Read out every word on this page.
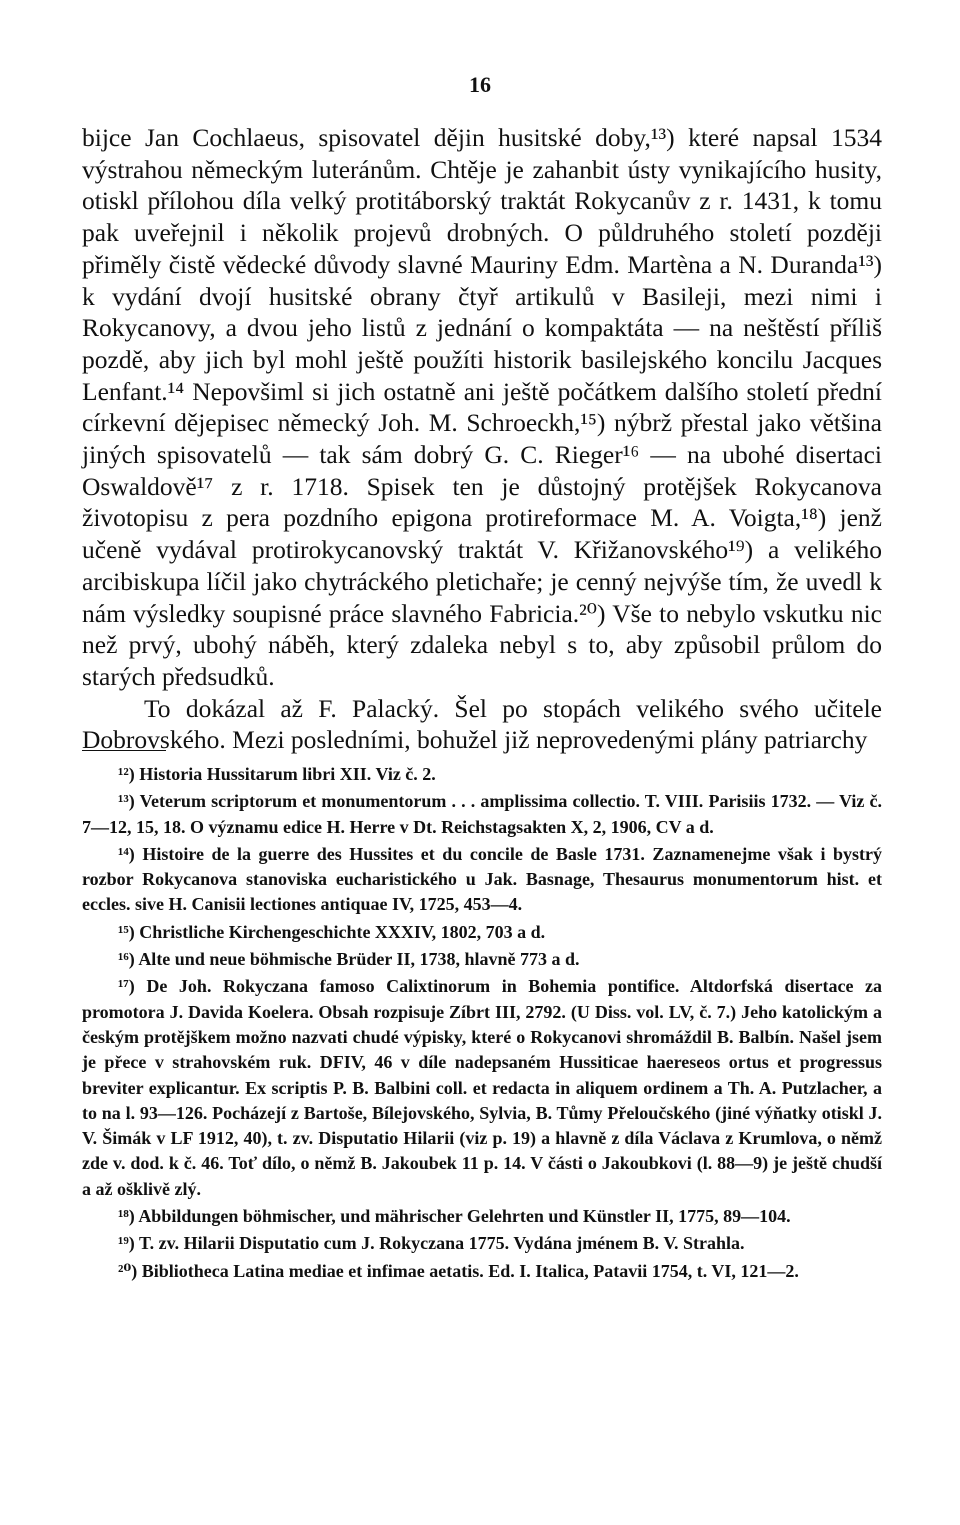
16

bijce Jan Cochlaeus, spisovatel dějin husitské doby,¹³) které napsal 1534 výstrahou německým luteránům. Chtěje je zahanbit ústy vynikajícího husity, otiskl přílohou díla velký protitáborský traktát Rokycanův z r. 1431, k tomu pak uveřejnil i několik projevů drobných. O půldruhého století později přiměly čistě vědecké důvody slavné Mauriny Edm. Martèna a N. Duranda¹³) k vydání dvojí husitské obrany čtyř artikulů v Basileji, mezi nimi i Rokycanovy, a dvou jeho listů z jednání o kompaktáta — na neštěstí příliš pozdě, aby jich byl mohl ještě použíti historik basilejského koncilu Jacques Lenfant.¹⁴ Nepovšiml si jich ostatně ani ještě počátkem dalšího století přední církevní dějepisec německý Joh. M. Schroeckh,¹⁵) nýbrž přestal jako většina jiných spisovatelů — tak sám dobrý G. C. Rieger¹⁶ — na ubohé disertaci Oswaldově¹⁷ z r. 1718. Spisek ten je důstojný protějšek Rokycanova životopisu z pera pozdního epigona protireformace M. A. Voigta,¹⁸) jenž učeně vydával protirokycanovský traktát V. Křižanovského¹⁹) a velikého arcibiskupa líčil jako chytráckého pletichaře; je cenný nejvýše tím, že uvedl k nám výsledky soupisné práce slavného Fabricia.²⁰) Vše to nebylo vskutku nic než prvý, ubohý náběh, který zdaleka nebyl s to, aby způsobil průlom do starých předsudků.

To dokázal až F. Palacký. Šel po stopách velikého svého učitele Dobrovského. Mezi posledními, bohužel již neprovedenými plány patriarchy

¹²) Historia Hussitarum libri XII. Viz č. 2.

¹³) Veterum scriptorum et monumentorum . . . amplissima collectio. T. VIII. Parisiis 1732. — Viz č. 7—12, 15, 18. O významu edice H. Herre v Dt. Reichstagsakten X, 2, 1906, CV a d.

¹⁴) Histoire de la guerre des Hussites et du concile de Basle 1731. Zaznamenejme však i bystrý rozbor Rokycanova stanoviska eucharistického u Jak. Basnage, Thesaurus monumentorum hist. et eccles. sive H. Canisii lectiones antiquae IV, 1725, 453—4.

¹⁵) Christliche Kirchengeschichte XXXIV, 1802, 703 a d.

¹⁶) Alte und neue böhmische Brüder II, 1738, hlavně 773 a d.

¹⁷) De Joh. Rokyczana famoso Calixtinorum in Bohemia pontifice. Altdorfská disertace za promotora J. Davida Koelera. Obsah rozpisuje Zíbrt III, 2792. (U Diss. vol. LV, č. 7.) Jeho katolickým a českým protějškem možno nazvati chudé výpisky, které o Rokycanovi shromáždil B. Balbín. Našel jsem je přece v strahovském ruk. DFIV, 46 v díle nadepsaném Hussiticae haereseos ortus et progressus breviter explicantur. Ex scriptis P. B. Balbini coll. et redacta in aliquem ordinem a Th. A. Putzlacher, a to na l. 93—126. Pocházejí z Bartoše, Bílejovského, Sylvia, B. Tůmy Přeloučského (jiné výňatky otiskl J. V. Šimák v LF 1912, 40), t. zv. Disputatio Hilarii (viz p. 19) a hlavně z díla Václava z Krumlova, o němž zde v. dod. k č. 46. Toť dílo, o němž B. Jakoubek 11 p. 14. V části o Jakoubkovi (l. 88—9) je ještě chudší a až ošklivě zlý.

¹⁸) Abbildungen böhmischer, und mährischer Gelehrten und Künstler II, 1775, 89—104.

¹⁹) T. zv. Hilarii Disputatio cum J. Rokyczana 1775. Vydána jménem B. V. Strahla.

²⁰) Bibliotheca Latina mediae et infimae aetatis. Ed. I. Italica, Patavii 1754, t. VI, 121—2.
